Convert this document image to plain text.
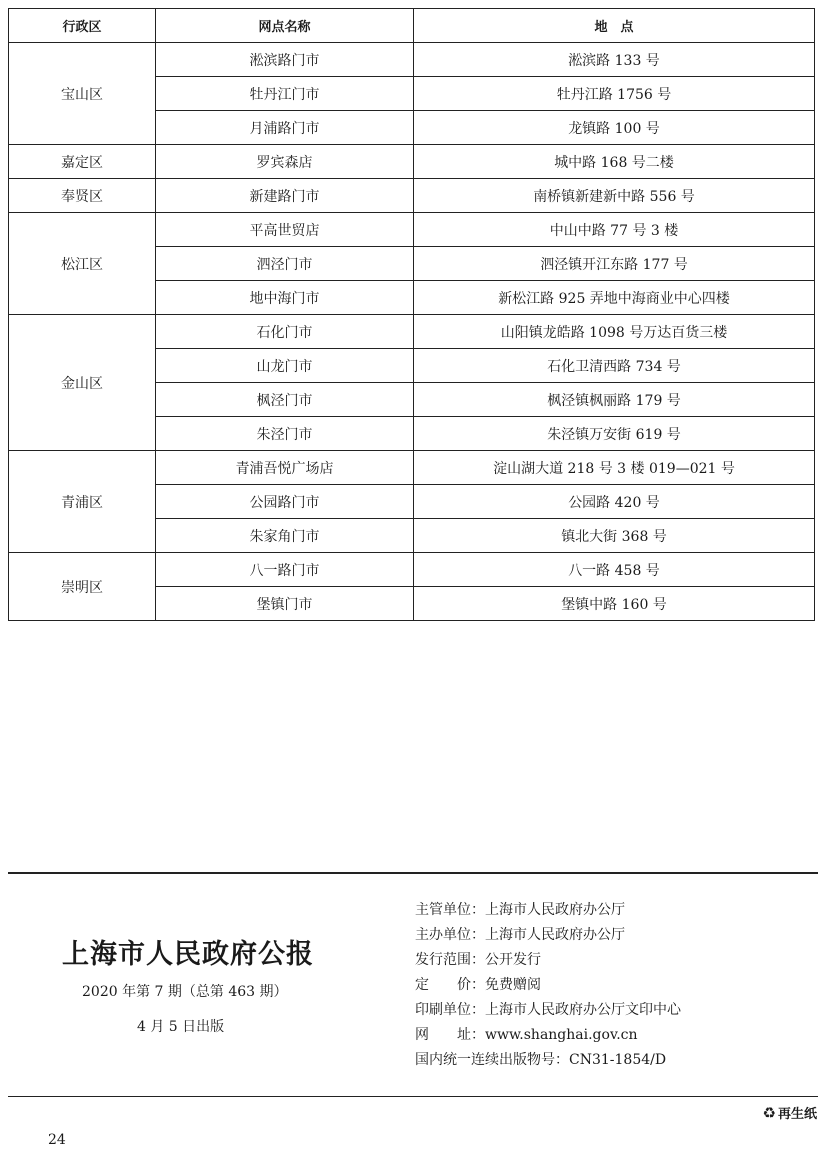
行政区	网点名称	地　点
宝山区	淞滨路门市	淞滨路 133 号
	牡丹江门市	牡丹江路 1756 号
	月浦路门市	龙镇路 100 号
嘉定区	罗宾森店	城中路 168 号二楼
奉贤区	新建路门市	南桥镇新建新中路 556 号
松江区	平高世贸店	中山中路 77 号 3 楼
	泗泾门市	泗泾镇开江东路 177 号
	地中海门市	新松江路 925 弄地中海商业中心四楼
金山区	石化门市	山阳镇龙皓路 1098 号万达百货三楼
	山龙门市	石化卫清西路 734 号
	枫泾门市	枫泾镇枫丽路 179 号
	朱泾门市	朱泾镇万安街 619 号
青浦区	青浦吾悦广场店	淀山湖大道 218 号 3 楼 019—021 号
	公园路门市	公园路 420 号
	朱家角门市	镇北大街 368 号
崇明区	八一路门市	八一路 458 号
	堡镇门市	堡镇中路 160 号
上海市人民政府公报
2020 年第 7 期（总第 463 期）
4 月 5 日出版
主管单位：上海市人民政府办公厅
主办单位：上海市人民政府办公厅
发行范围：公开发行
定　　价：免费赠阅
印刷单位：上海市人民政府办公厅文印中心
网　　址：www.shanghai.gov.cn
国内统一连续出版物号：CN31-1854/D
♻ 再生纸
24
